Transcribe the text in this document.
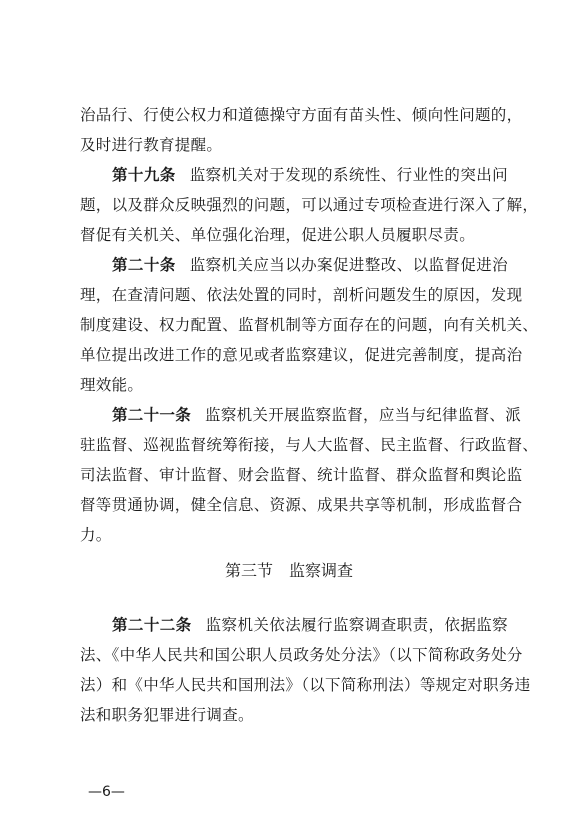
治品行、行使公权力和道德操守方面有苗头性、倾向性问题的，
及时进行教育提醒。
第十九条 监察机关对于发现的系统性、行业性的突出问
题，以及群众反映强烈的问题，可以通过专项检查进行深入了解，
督促有关机关、单位强化治理，促进公职人员履职尽责。
第二十条 监察机关应当以办案促进整改、以监督促进治
理，在查清问题、依法处置的同时，剖析问题发生的原因，发现
制度建设、权力配置、监督机制等方面存在的问题，向有关机关、
单位提出改进工作的意见或者监察建议，促进完善制度，提高治
理效能。
第二十一条 监察机关开展监察监督，应当与纪律监督、派
驻监督、巡视监督统筹衔接，与人大监督、民主监督、行政监督、
司法监督、审计监督、财会监督、统计监督、群众监督和舆论监
督等贯通协调，健全信息、资源、成果共享等机制，形成监督合
力。
第三节　监察调查
第二十二条 监察机关依法履行监察调查职责，依据监察
法、《中华人民共和国公职人员政务处分法》（以下简称政务处分
法）和《中华人民共和国刑法》（以下简称刑法）等规定对职务违
法和职务犯罪进行调查。
—6—
